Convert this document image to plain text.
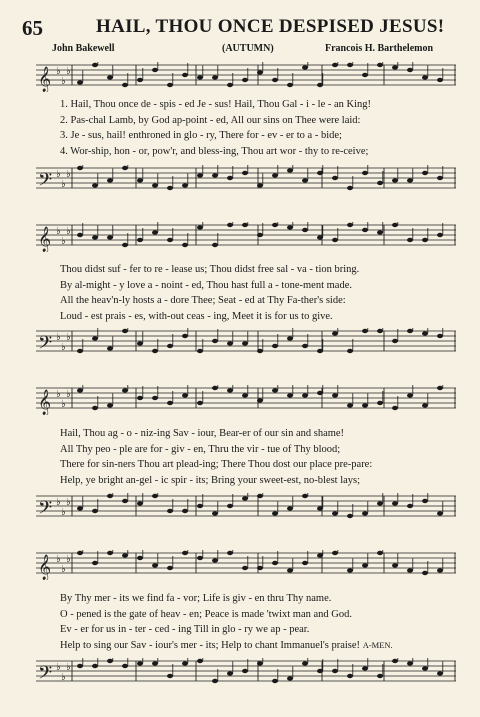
65	HAIL, THOU ONCE DESPISED JESUS!
John Bakewell	(AUTUMN)	Francois H. Barthelemon
𝄞 ♭
♭
♭
1. Hail, Thou once de - spis - ed Je - sus! Hail, Thou Gal - i - le - an King!
2. Pas-chal Lamb, by God ap-point - ed, All our sins on Thee were laid:
3. Je - sus, hail! enthroned in glo - ry, There for - ev - er to a - bide;
4. Wor-ship, hon - or, pow'r, and bless-ing, Thou art wor - thy to re-ceive;
𝄢 ♭
♭
♭
𝄞 ♭
♭
♭
Thou didst suf - fer to re - lease us; Thou didst free sal - va - tion bring.
By al-might - y love a - noint - ed, Thou hast full a - tone-ment made.
All the heav'n-ly hosts a - dore Thee; Seat - ed at Thy Fa-ther's side:
Loud - est prais - es, with-out ceas - ing, Meet it is for us to give.
𝄢 ♭
♭
♭
𝄞 ♭
♭
♭
Hail, Thou ag - o - niz-ing Sav - iour, Bear-er of our sin and shame!
All Thy peo - ple are for - giv - en, Thru the vir - tue of Thy blood;
There for sin-ners Thou art plead-ing; There Thou dost our place pre-pare:
Help, ye bright an-gel - ic spir - its; Bring your sweet-est, no-blest lays;
𝄢 ♭
♭
♭
𝄞 ♭
♭
♭
By Thy mer - its we find fa - vor; Life is giv - en thru Thy name.
O - pened is the gate of heav - en; Peace is made 'twixt man and God.
Ev - er for us in - ter - ced - ing Till in glo - ry we ap - pear.
Help to sing our Sav - iour's mer - its; Help to chant Immanuel's praise! A-MEN.
𝄢 ♭
♭
♭
